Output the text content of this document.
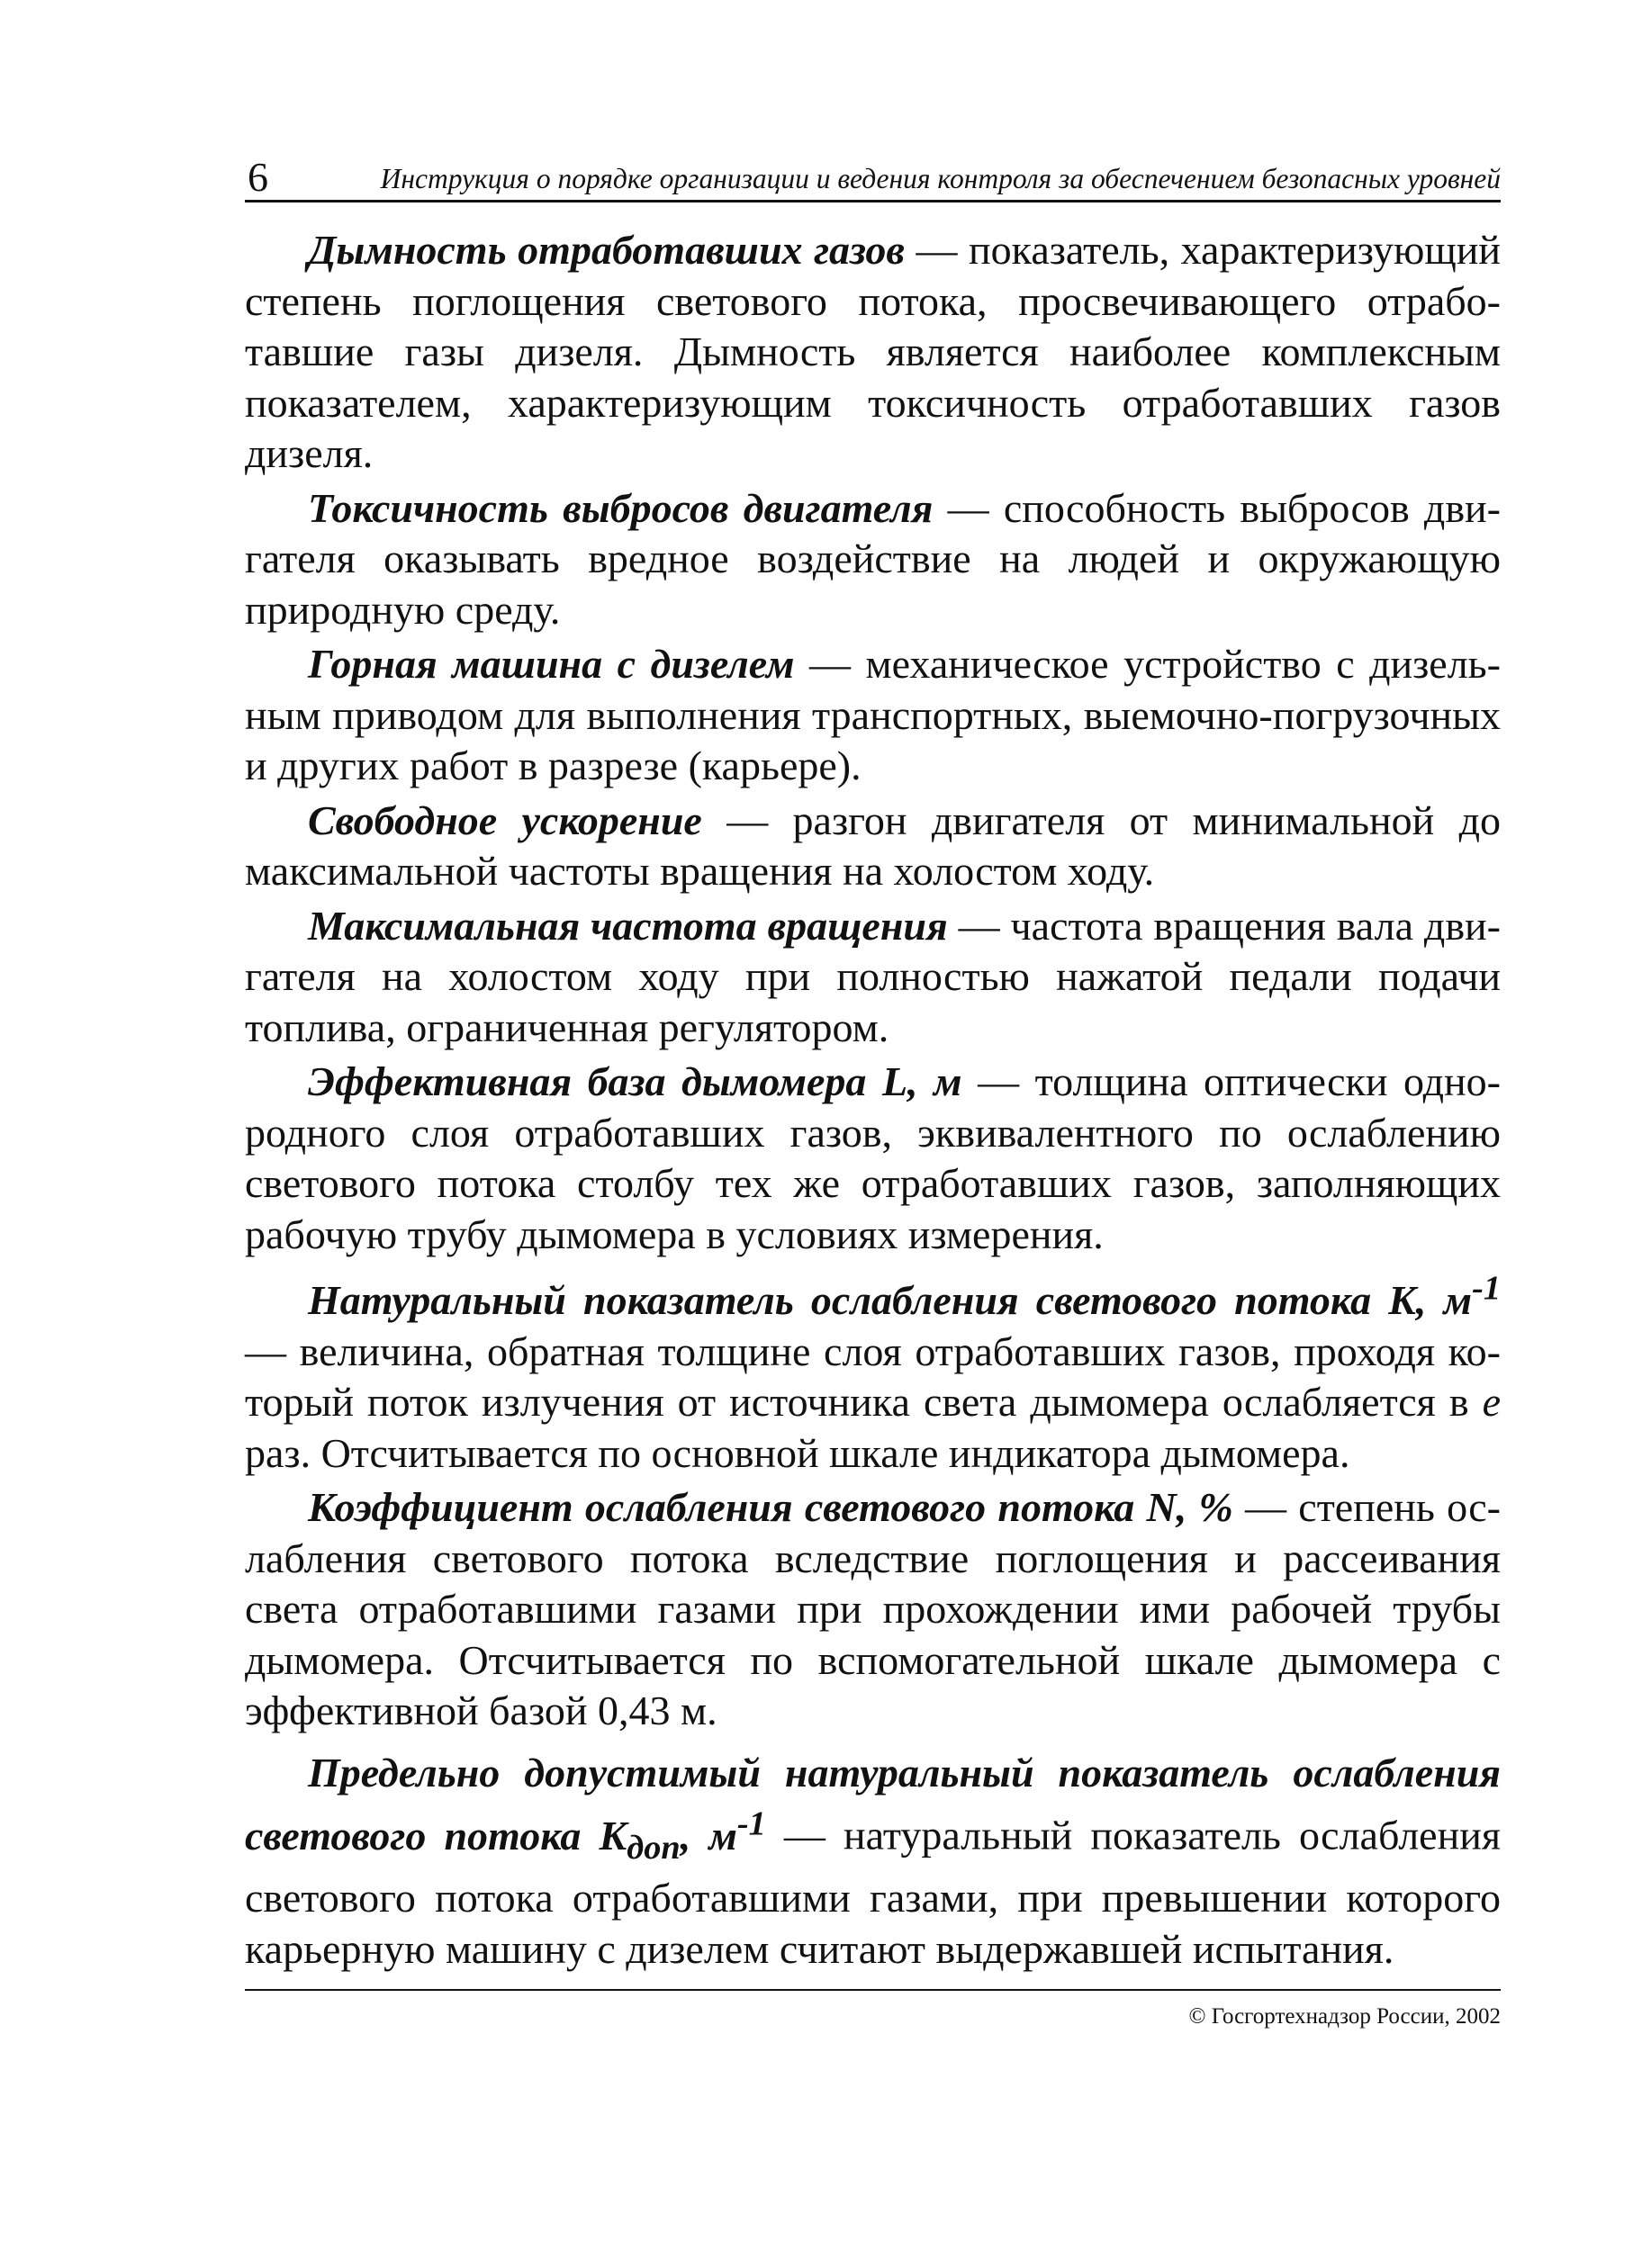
6	Инструкция о порядке организации и ведения контроля за обеспечением безопасных уровней

Дымность отработавших газов — показатель, характеризующий степень поглощения светового потока, просвечивающего отработавшие газы дизеля. Дымность является наиболее комплексным показателем, характеризующим токсичность отработавших газов дизеля.

Токсичность выбросов двигателя — способность выбросов двигателя оказывать вредное воздействие на людей и окружающую природную среду.

Горная машина с дизелем — механическое устройство с дизельным приводом для выполнения транспортных, выемочно-погрузочных и других работ в разрезе (карьере).

Свободное ускорение — разгон двигателя от минимальной до максимальной частоты вращения на холостом ходу.

Максимальная частота вращения — частота вращения вала двигателя на холостом ходу при полностью нажатой педали подачи топлива, ограниченная регулятором.

Эффективная база дымомера L, м — толщина оптически однородного слоя отработавших газов, эквивалентного по ослаблению светового потока столбу тех же отработавших газов, заполняющих рабочую трубу дымомера в условиях измерения.

Натуральный показатель ослабления светового потока K, $м^{-1}$ — величина, обратная толщине слоя отработавших газов, проходя который поток излучения от источника света дымомера ослабляется в e раз. Отсчитывается по основной шкале индикатора дымомера.

Коэффициент ослабления светового потока N, % — степень ослабления светового потока вследствие поглощения и рассеивания света отработавшими газами при прохождении ими рабочей трубы дымомера. Отсчитывается по вспомогательной шкале дымомера с эффективной базой 0,43 м.

Предельно допустимый натуральный показатель ослабления светового потока $K_{доп}$, $м^{-1}$ — натуральный показатель ослабления светового потока отработавшими газами, при превышении которого карьерную машину с дизелем считают выдержавшей испытания.

© Госгортехнадзор России, 2002
